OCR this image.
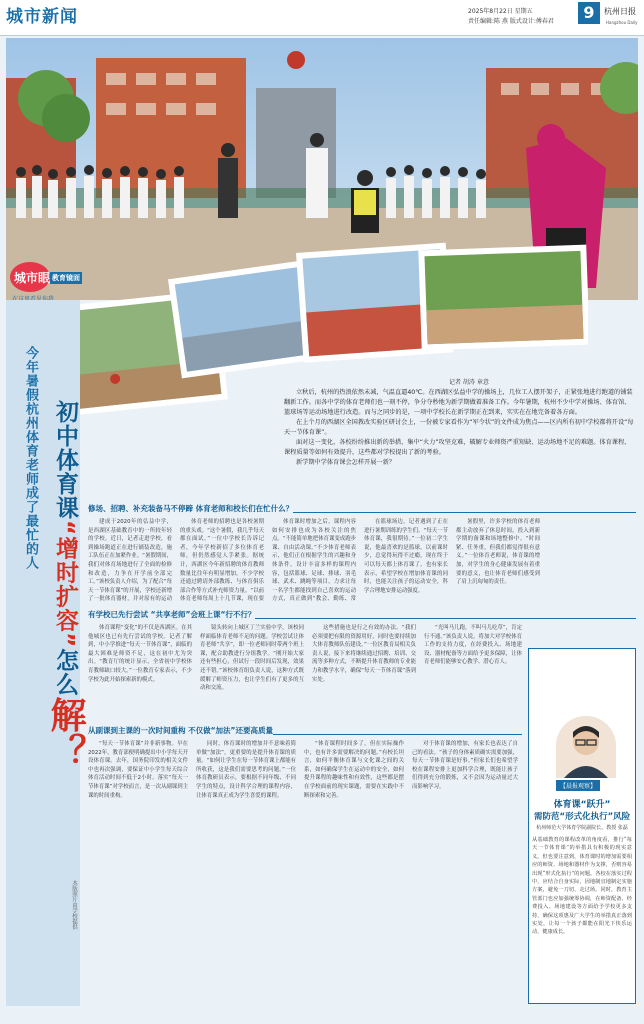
城市新闻	2025年8月22日 星期五
责任编辑:陈 燕 版式设计:傅春君	9	杭州日报
Hangzhou Daily
城市眼 教育镜面
记者 胡涛 章意

立秋后，杭州的热浪依然未减，气温直逼40℃。在西湖区弘益中学的操场上，几位工人摆开架子，正紧张地进行跑道的铺装翻新工作。而各中学的体育老师们也一刻不停，争分夺秒地为新学期做着准备工作。今年暑期，杭州不少中学对操场、体育馆、篮球场等运动场地进行改造。而与之同步的是，一项中学校长在新学期正在到来，实实在在地完备着各方面。

在上个月的西湖区全国教改实验区研讨会上，一份被专家看作为“军令状”的文件成为焦点——区内所有初中学校都将开设“每天一节体育课”。

面对这一变化，各校纷纷推出新的举措，集中“火力”攻坚克难，破解专业师资严重短缺、运动场地不足的难题。体育课程、课程质量等如何有效提升，这些都对学校提出了新的考验。

新学期中学体育课会怎样开展一新？

今年暑假杭州体育老师成了最忙的人 初中体育课“增时扩容”怎么解？
本版照片由学校提供
修场、招聘、补充装备马不停蹄 体育老师和校长们在忙什么？

建成于2020年的弘益中学，是西湖区基础教育中的一所较年轻的学校。近日，记者走进学校，看到操场跑道正在进行铺装改造，施工队伍正在加紧作业。“暑假期间，我们对体育场地进行了全面的检修和改造，力争在开学前全部完工。”该校负责人介绍，为了配合“每天一节体育课”的开展，学校还新增了一批体育器材，并对原有的运动

体育老师的招聘也是各校暑期的重头戏。“这个暑假，我几乎每天都在面试。”一位中学校长告诉记者，今年学校新招了多位体育老师，但仍然感觉人手紧张。据统计，西湖区今年新招聘的体育教师数量比往年有明显增加，不少学校还通过聘请外部教练、与体育俱乐部合作等方式补充师资力量。“以前体育老师每周上十几节课，现在要

体育课时增加之后，课程内容如何安排也成为各校关注的焦点。“不能简单地把体育课变成跑步课、自由活动课。”不少体育老师表示，他们正在根据学生的兴趣和身体条件，设计丰富多样的课程内容，包括篮球、足球、排球、羽毛球、武术、跳绳等项目，力求让每一名学生都能找到自己喜欢的运动方式，真正做到“教会、勤练、常

在篮球场边，记者遇到了正在进行暑期训练的学生们。“每天一节体育课，我很期待。”一位初二学生说，他最喜欢的是篮球，以前课时少，总觉得玩得不过瘾，现在终于可以每天都上体育课了。也有家长表示，希望学校在增加体育课的同时，也能关注孩子的运动安全，科学合理地安排运动强度。

暑假里，许多学校的体育老师都主动放弃了休息时间，投入到新学期的备课和场地整修中。“时间紧、任务重，但我们都觉得很有意义。”一位体育老师说，体育课的增加，对学生的身心健康发展有着重要的意义，也让体育老师们感受到了肩上沉甸甸的责任。

有学校已先行尝试 “共享老师”会班上课“行不行？

体育课程“变化”的不仅是西湖区。在其他城区也已有先行尝试的学校。记者了解到，中小学推进“每天一节体育课”，面临的最大困难是师资不足，这在初中尤为突出。“教育厅的统计显示，全省初中学校体育教师缺口较大。”一位教育专家表示，不少学校为此开始探索新的模式。

镜头转向上城区丁兰实验中学，该校同样面临体育老师不足的问题。学校尝试让体育老师“共享”，即一位老师同时带两个班上课，配合助教进行分组教学。“刚开始大家还有些担心，但试行一段时间后发现，效果还不错。”该校体育组负责人说，这种方式既缓解了师资压力，也让学生们有了更多的互动和交流。

这些措施也是行之有效的办法。“我们必须要把有限的资源用好，同时也要持续加大体育教师队伍建设。”一位区教育局相关负责人说，接下来将继续通过招聘、培训、交流等多种方式，不断提升体育教师的专业能力和教学水平，确保“每天一节体育课”落到实处。

“光叫马儿跑，不叫马儿吃草”，肯定行不通。”该负责人说，将加大对学校体育工作的支持力度，在经费投入、场地建设、器材配备等方面给予更多保障，让体育老师们能够安心教学、潜心育人。

从副课到主课的一次时间重构 不仅做“加法”还要高质量

“每天一节体育课”并非新事物。早在2022年，教育部便明确提出中小学每天开设体育课。去年，国务院印发的相关文件中也再次强调，要保证中小学生每天综合体育活动时间不低于2小时。落实“每天一节体育课”对学校而言，是一次从副课到主课的时间重构。

同时，体育课时的增加并不意味着简单做“加法”，更重要的是提升体育课的质量。“如何让学生在每一节体育课上都能有所收获，这是我们需要思考的问题。”一位体育教研员表示，要根据不同年级、不同学生的特点，设计科学合理的课程内容，让体育课真正成为学生喜爱的课程。

“体育课程时间多了，但在实际操作中，也有许多需要解决的问题。”有校长坦言，如何平衡体育课与文化课之间的关系，如何确保学生在运动中的安全，如何提升课程的趣味性和有效性，这些都是摆在学校面前的现实课题，需要在实践中不断探索和完善。

对于体育课的增加，有家长也表达了自己的看法。“孩子的身体素质确实需要加强，每天一节体育课是好事。”但家长们也希望学校在课程安排上更加科学合理，既能让孩子们得到充分的锻炼，又不会因为运动量过大而影响学习。	【晨报观察】
体育课“跃升”
需防范“形式化执行”风险
杭州师范大学体育学院副院长、教授 张磊
从基础教育的课程改革的角度看，推行“每天一节体育课”的举措具有积极的现实意义。但也要注意到，体育课时的增加需要相应的师资、场地和器材作为支撑，否则容易出现“形式化执行”的问题。各校在落实过程中，应结合自身实际，因地制宜地制定实施方案，避免一刀切、走过场。同时，教育主管部门也应加强统筹协调，在师资配备、经费投入、场地建设等方面给予学校更多支持，确保这项惠及广大学生的举措真正落到实处，让每一个孩子都能在阳光下快乐运动、健康成长。
